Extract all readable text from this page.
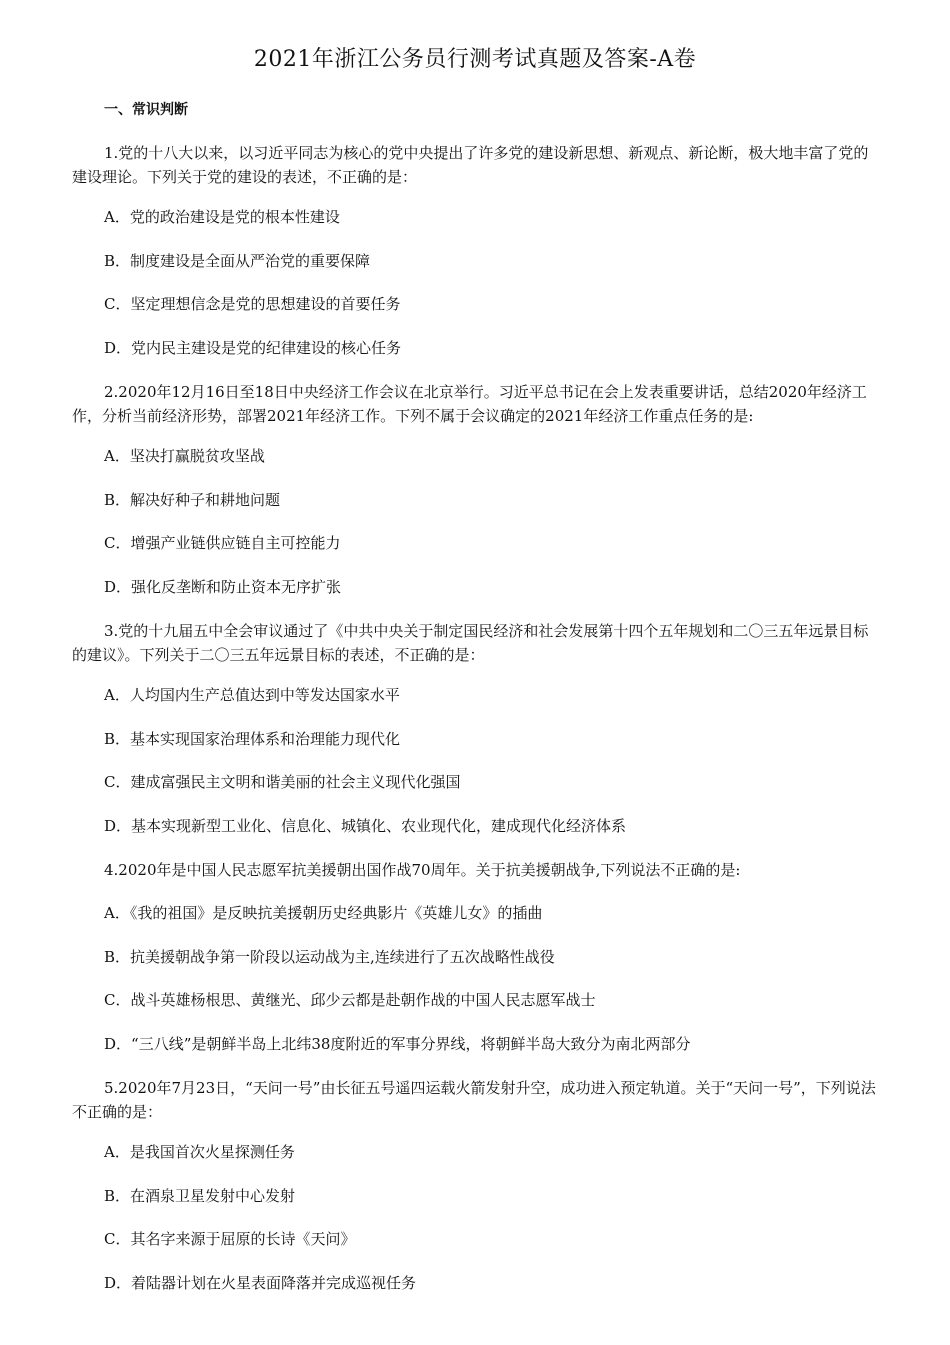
2021年浙江公务员行测考试真题及答案-A卷
一、常识判断

1.党的十八大以来，以习近平同志为核心的党中央提出了许多党的建设新思想、新观点、新论断，极大地丰富了党的建设理论。下列关于党的建设的表述，不正确的是：

A．党的政治建设是党的根本性建设
B．制度建设是全面从严治党的重要保障
C．坚定理想信念是党的思想建设的首要任务
D．党内民主建设是党的纪律建设的核心任务

2.2020年12月16日至18日中央经济工作会议在北京举行。习近平总书记在会上发表重要讲话，总结2020年经济工作，分析当前经济形势，部署2021年经济工作。下列不属于会议确定的2021年经济工作重点任务的是:

A．坚决打赢脱贫攻坚战
B．解决好种子和耕地问题
C．增强产业链供应链自主可控能力
D．强化反垄断和防止资本无序扩张

3.党的十九届五中全会审议通过了《中共中央关于制定国民经济和社会发展第十四个五年规划和二〇三五年远景目标的建议》。下列关于二〇三五年远景目标的表述，不正确的是：

A．人均国内生产总值达到中等发达国家水平
B．基本实现国家治理体系和治理能力现代化
C．建成富强民主文明和谐美丽的社会主义现代化强国
D．基本实现新型工业化、信息化、城镇化、农业现代化，建成现代化经济体系

4.2020年是中国人民志愿军抗美援朝出国作战70周年。关于抗美援朝战争,下列说法不正确的是:

A．《我的祖国》是反映抗美援朝历史经典影片《英雄儿女》的插曲
B．抗美援朝战争第一阶段以运动战为主,连续进行了五次战略性战役
C．战斗英雄杨根思、黄继光、邱少云都是赴朝作战的中国人民志愿军战士
D．“三八线”是朝鲜半岛上北纬38度附近的军事分界线，将朝鲜半岛大致分为南北两部分

5.2020年7月23日，“天问一号”由长征五号遥四运载火箭发射升空，成功进入预定轨道。关于“天问一号”，下列说法不正确的是：

A．是我国首次火星探测任务
B．在酒泉卫星发射中心发射
C．其名字来源于屈原的长诗《天问》
D．着陆器计划在火星表面降落并完成巡视任务
